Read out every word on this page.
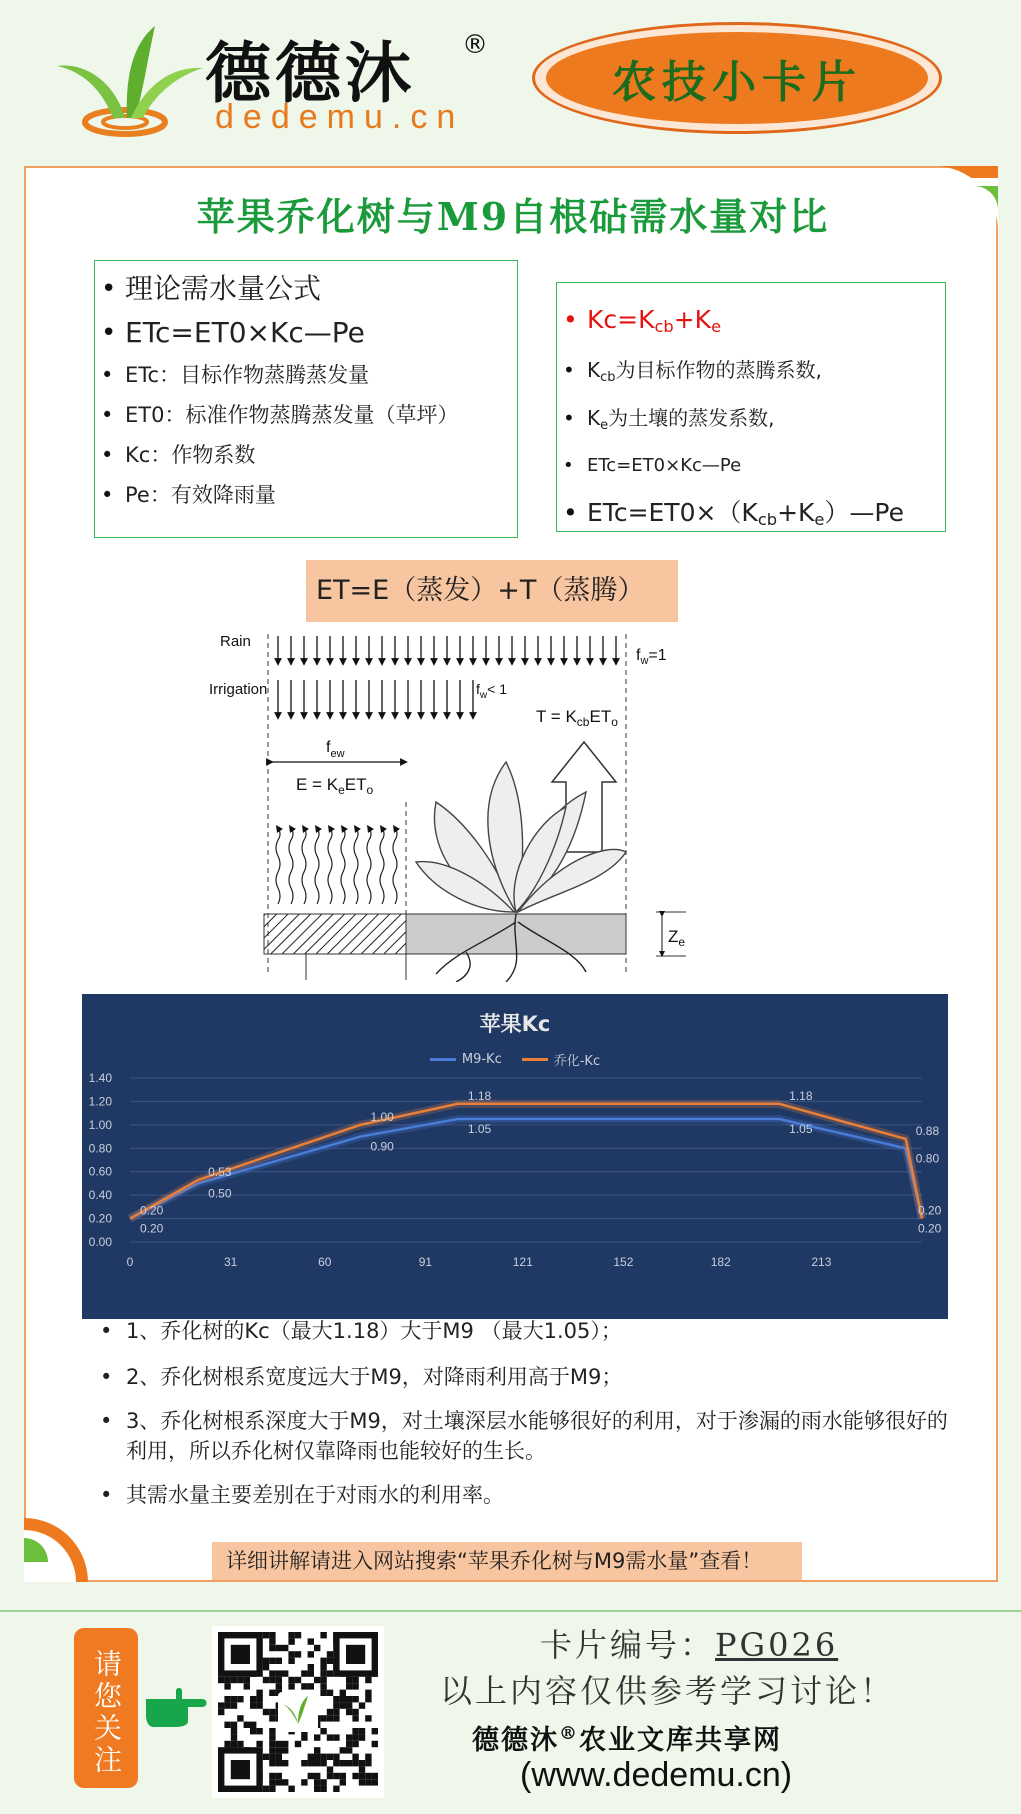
德德沐 ®
dedemu.cn
农技小卡片
苹果乔化树与M9自根砧需水量对比
• 理论需水量公式
• ETc=ET0×Kc—Pe
• ETc：目标作物蒸腾蒸发量
• ET0：标准作物蒸腾蒸发量（草坪）
• Kc：作物系数
• Pe：有效降雨量
• $Kc=K_{cb}+K_e$
• $K_{cb}$为目标作物的蒸腾系数,
• $K_e$为土壤的蒸发系数,
• ETc=ET0×Kc—Pe
• $ETc=ET0\times(K_{cb}+K_e)—Pe$
ET=E（蒸发）+T（蒸腾）
Rain
Irrigation
$f_w=1$
$f_w< 1$
$f_{ew}$
$E = K_eET_o$
$T = K_{cb}ET_o$
$Z_e$
0.00
0.20
0.40
0.60
0.80
1.00
1.20
1.40
0	31	60	91	121	152	182	213
0.20
0.50
0.90
1.05	1.05
0.80
0.20
0.20
0.53
1.00
1.18	1.18
0.88
0.20
苹果Kc
M9-Kc	乔化-Kc
• 1、乔化树的Kc（最大1.18）大于M9 （最大1.05）；
• 2、乔化树根系宽度远大于M9，对降雨利用高于M9；
• 3、乔化树根系深度大于M9，对土壤深层水能够很好的利用，对于渗漏的雨水能够很好的利用，所以乔化树仅靠降雨也能较好的生长。
• 其需水量主要差别在于对雨水的利用率。
详细讲解请进入网站搜索“苹果乔化树与M9需水量”查看！
请您关注
卡片编号：PG026
以上内容仅供参考学习讨论！
德德沐®农业文库共享网
(www.dedemu.cn)
